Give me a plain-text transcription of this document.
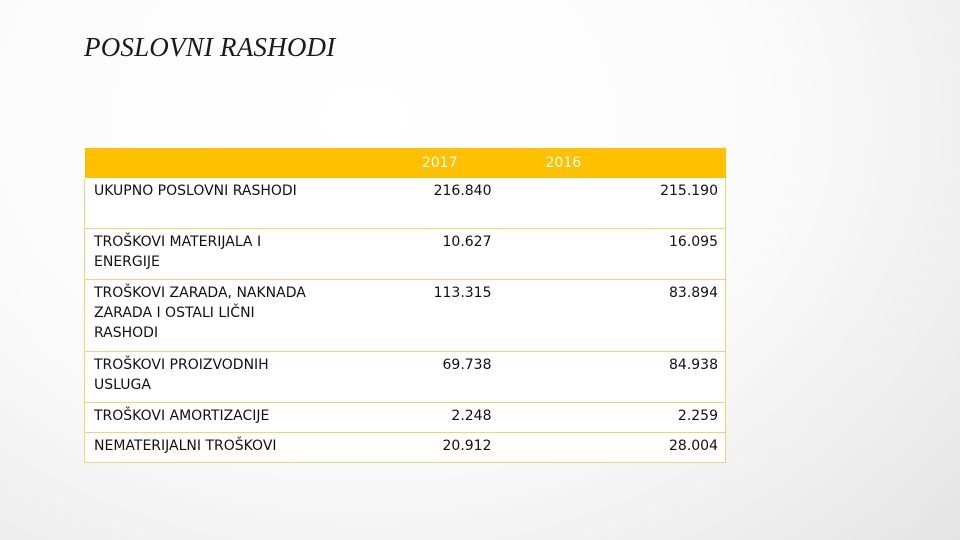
POSLOVNI RASHODI
	2017	2016
UKUPNO POSLOVNI RASHODI	216.840	215.190
TROŠKOVI MATERIJALA I ENERGIJE	10.627	16.095
TROŠKOVI ZARADA, NAKNADA ZARADA I OSTALI LIČNI RASHODI	113.315	83.894
TROŠKOVI PROIZVODNIH USLUGA	69.738	84.938
TROŠKOVI AMORTIZACIJE	2.248	2.259
NEMATERIJALNI TROŠKOVI	20.912	28.004
